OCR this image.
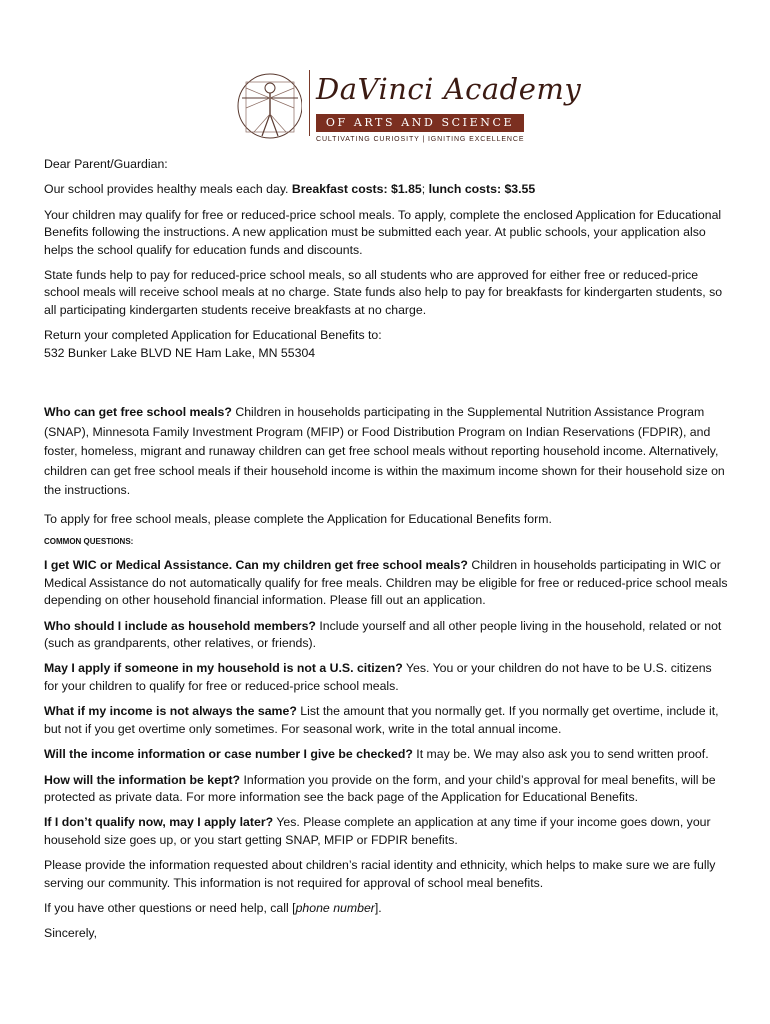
DaVinci Academy
OF ARTS AND SCIENCE
CULTIVATING CURIOSITY | IGNITING EXCELLENCE

Dear Parent/Guardian:

Our school provides healthy meals each day. Breakfast costs: $1.85; lunch costs: $3.55

Your children may qualify for free or reduced-price school meals. To apply, complete the enclosed Application for Educational Benefits following the instructions. A new application must be submitted each year. At public schools, your application also helps the school qualify for education funds and discounts.

State funds help to pay for reduced-price school meals, so all students who are approved for either free or reduced-price school meals will receive school meals at no charge. State funds also help to pay for breakfasts for kindergarten students, so all participating kindergarten students receive breakfasts at no charge.

Return your completed Application for Educational Benefits to:
532 Bunker Lake BLVD NE Ham Lake, MN 55304

Who can get free school meals? Children in households participating in the Supplemental Nutrition Assistance Program (SNAP), Minnesota Family Investment Program (MFIP) or Food Distribution Program on Indian Reservations (FDPIR), and foster, homeless, migrant and runaway children can get free school meals without reporting household income. Alternatively, children can get free school meals if their household income is within the maximum income shown for their household size on the instructions.

To apply for free school meals, please complete the Application for Educational Benefits form.

COMMON QUESTIONS:

I get WIC or Medical Assistance. Can my children get free school meals? Children in households participating in WIC or Medical Assistance do not automatically qualify for free meals. Children may be eligible for free or reduced-price school meals depending on other household financial information. Please fill out an application.

Who should I include as household members? Include yourself and all other people living in the household, related or not (such as grandparents, other relatives, or friends).

May I apply if someone in my household is not a U.S. citizen? Yes. You or your children do not have to be U.S. citizens for your children to qualify for free or reduced-price school meals.

What if my income is not always the same? List the amount that you normally get. If you normally get overtime, include it, but not if you get overtime only sometimes. For seasonal work, write in the total annual income.

Will the income information or case number I give be checked? It may be. We may also ask you to send written proof.

How will the information be kept? Information you provide on the form, and your child’s approval for meal benefits, will be protected as private data. For more information see the back page of the Application for Educational Benefits.

If I don’t qualify now, may I apply later? Yes. Please complete an application at any time if your income goes down, your household size goes up, or you start getting SNAP, MFIP or FDPIR benefits.

Please provide the information requested about children’s racial identity and ethnicity, which helps to make sure we are fully serving our community. This information is not required for approval of school meal benefits.

If you have other questions or need help, call [phone number].

Sincerely,
